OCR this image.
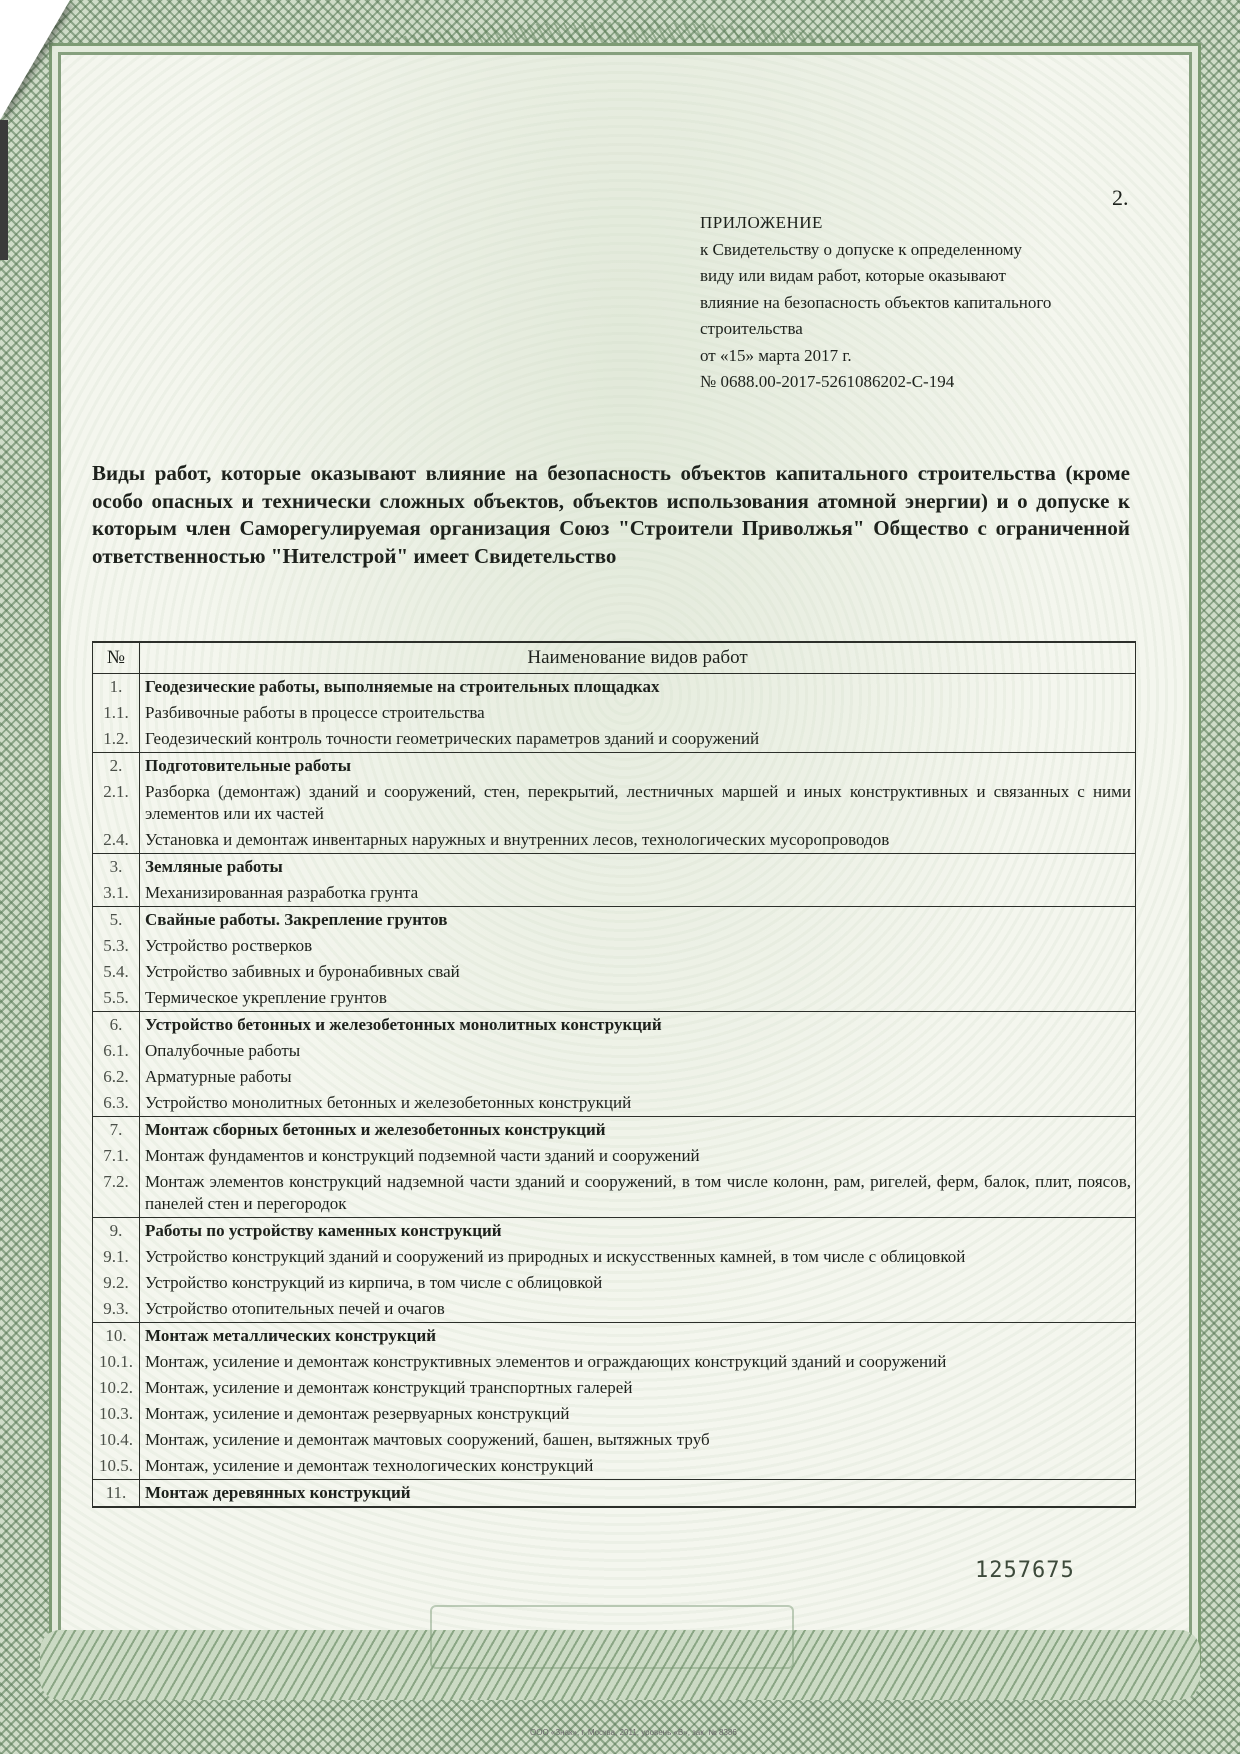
2.
ПРИЛОЖЕНИЕ
к Свидетельству о допуске к определенному
виду или видам работ, которые оказывают
влияние на безопасность объектов капитального
строительства
от «15» марта 2017 г.
№ 0688.00-2017-5261086202-С-194
Виды работ, которые оказывают влияние на безопасность объектов капитального строительства (кроме особо опасных и технически сложных объектов, объектов использования атомной энергии) и о допуске к которым член Саморегулируемая организация Союз "Строители Приволжья" Общество с ограниченной ответственностью "Нителстрой" имеет Свидетельство
№	Наименование видов работ
1.	Геодезические работы, выполняемые на строительных площадках
1.1.	Разбивочные работы в процессе строительства
1.2.	Геодезический контроль точности геометрических параметров зданий и сооружений
2.	Подготовительные работы
2.1.	Разборка (демонтаж) зданий и сооружений, стен, перекрытий, лестничных маршей и иных конструктивных и связанных с ними элементов или их частей
2.4.	Установка и демонтаж инвентарных наружных и внутренних лесов, технологических мусоропроводов
3.	Земляные работы
3.1.	Механизированная разработка грунта
5.	Свайные работы. Закрепление грунтов
5.3.	Устройство ростверков
5.4.	Устройство забивных и буронабивных свай
5.5.	Термическое укрепление грунтов
6.	Устройство бетонных и железобетонных монолитных конструкций
6.1.	Опалубочные работы
6.2.	Арматурные работы
6.3.	Устройство монолитных бетонных и железобетонных конструкций
7.	Монтаж сборных бетонных и железобетонных конструкций
7.1.	Монтаж фундаментов и конструкций подземной части зданий и сооружений
7.2.	Монтаж элементов конструкций надземной части зданий и сооружений, в том числе колонн, рам, ригелей, ферм, балок, плит, поясов, панелей стен и перегородок
9.	Работы по устройству каменных конструкций
9.1.	Устройство конструкций зданий и сооружений из природных и искусственных камней, в том числе с облицовкой
9.2.	Устройство конструкций из кирпича, в том числе с облицовкой
9.3.	Устройство отопительных печей и очагов
10.	Монтаж металлических конструкций
10.1.	Монтаж, усиление и демонтаж конструктивных элементов и ограждающих конструкций зданий и сооружений
10.2.	Монтаж, усиление и демонтаж конструкций транспортных галерей
10.3.	Монтаж, усиление и демонтаж резервуарных конструкций
10.4.	Монтаж, усиление и демонтаж мачтовых сооружений, башен, вытяжных труб
10.5.	Монтаж, усиление и демонтаж технологических конструкций
11.	Монтаж деревянных конструкций
1257675
ООО «Знак», г. Москва, 2011, уровень «В», зак. № 8386
